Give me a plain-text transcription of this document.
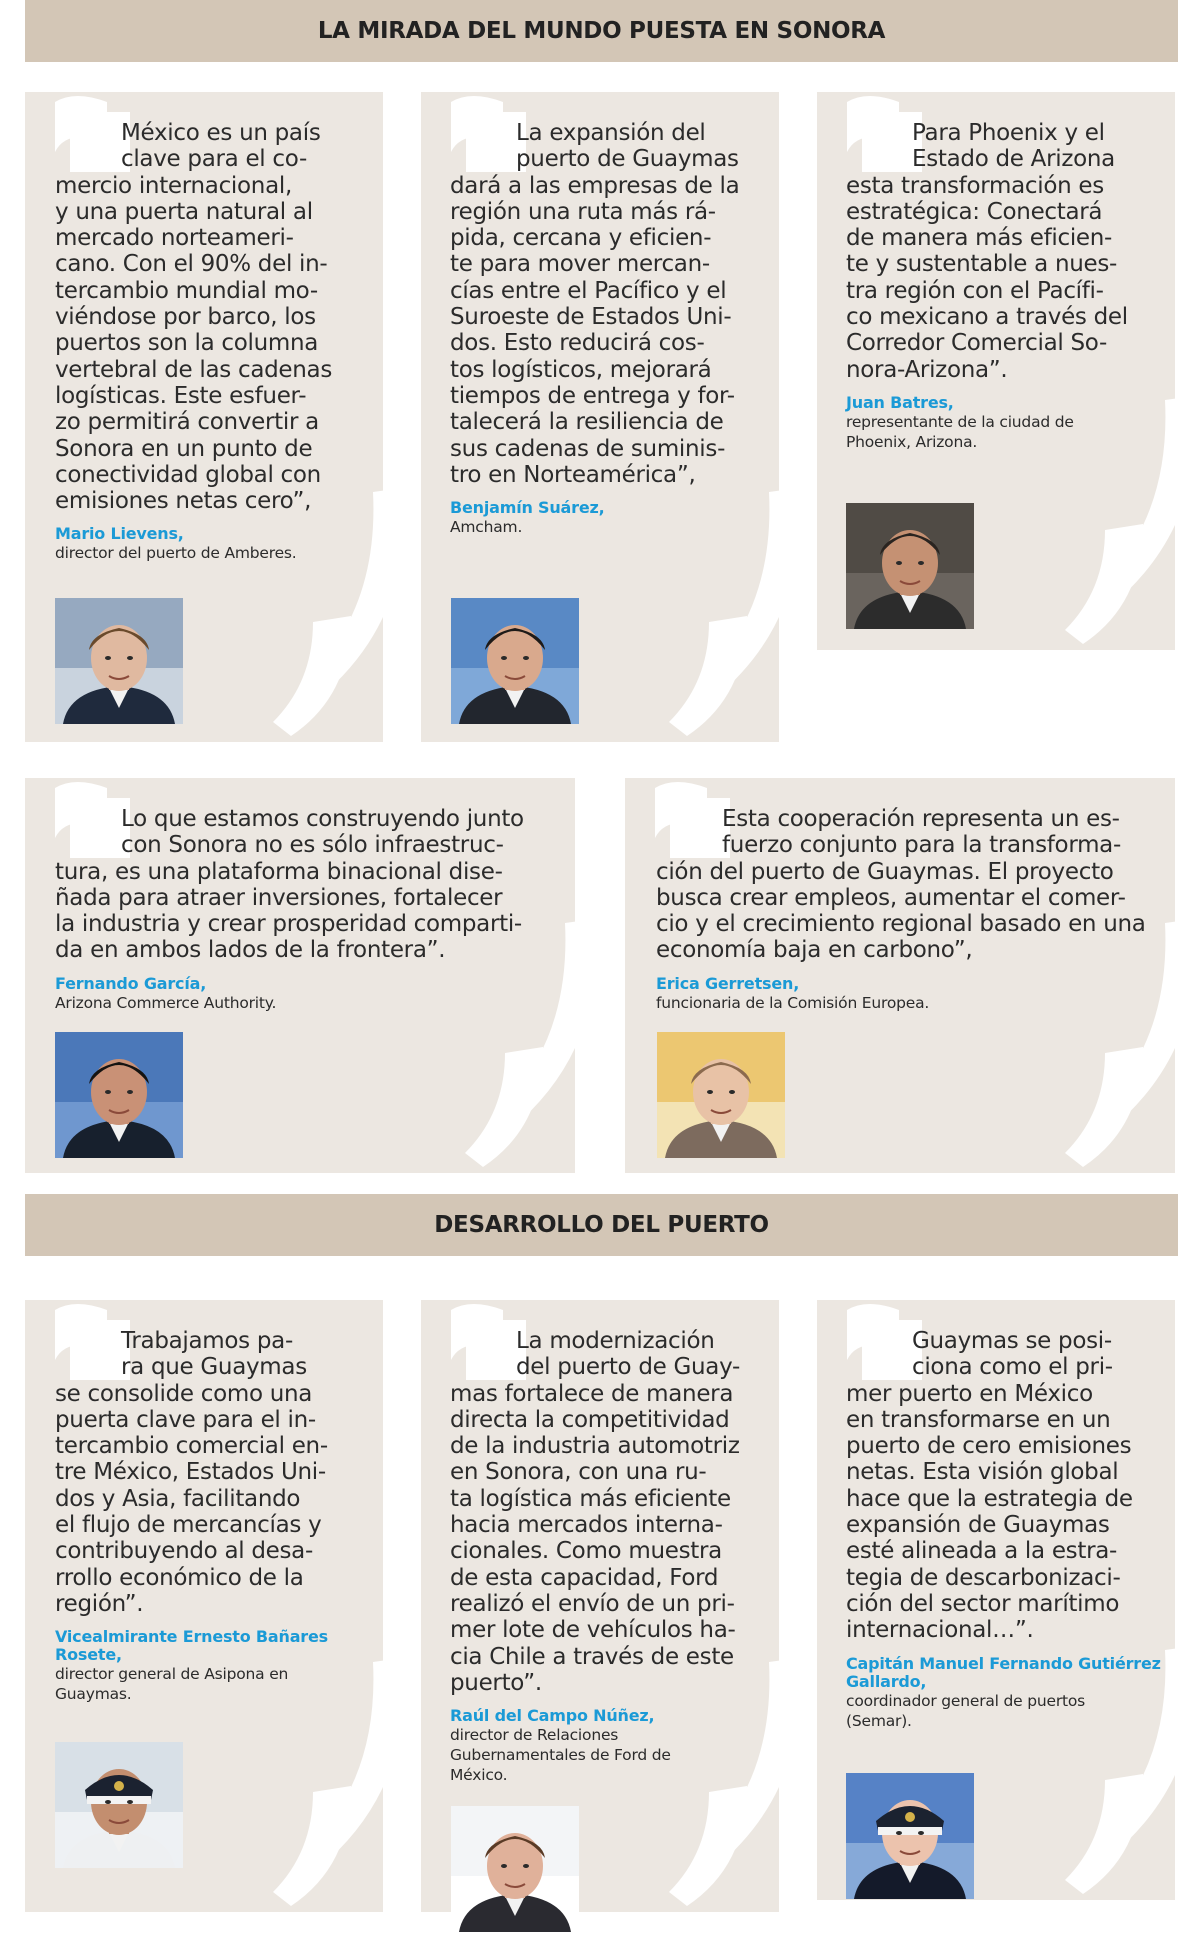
LA MIRADA DEL MUNDO PUESTA EN SONORA
DESARROLLO DEL PUERTO

México es un país
clave para el co-
mercio internacional,
y una puerta natural al
mercado norteameri-
cano. Con el 90% del in-
tercambio mundial mo-
viéndose por barco, los
puertos son la columna
vertebral de las cadenas
logísticas. Este esfuer-
zo permitirá convertir a
Sonora en un punto de
conectividad global con
emisiones netas cero”,

Mario Lievens,
director del puerto de Amberes.

La expansión del
puerto de Guaymas
dará a las empresas de la
región una ruta más rá-
pida, cercana y eficien-
te para mover mercan-
cías entre el Pacífico y el
Suroeste de Estados Uni-
dos. Esto reducirá cos-
tos logísticos, mejorará
tiempos de entrega y for-
talecerá la resiliencia de
sus cadenas de suminis-
tro en Norteamérica”,

Benjamín Suárez,
Amcham.

Para Phoenix y el
Estado de Arizona
esta transformación es
estratégica: Conectará
de manera más eficien-
te y sustentable a nues-
tra región con el Pacífi-
co mexicano a través del
Corredor Comercial So-
nora-Arizona”.

Juan Batres,
representante de la ciudad de
Phoenix, Arizona.

Lo que estamos construyendo junto
con Sonora no es sólo infraestruc-
tura, es una plataforma binacional dise-
ñada para atraer inversiones, fortalecer
la industria y crear prosperidad comparti-
da en ambos lados de la frontera”.

Fernando García,
Arizona Commerce Authority.

Esta cooperación representa un es-
fuerzo conjunto para la transforma-
ción del puerto de Guaymas. El proyecto
busca crear empleos, aumentar el comer-
cio y el crecimiento regional basado en una
economía baja en carbono”,

Erica Gerretsen,
funcionaria de la Comisión Europea.

Trabajamos pa-
ra que Guaymas
se consolide como una
puerta clave para el in-
tercambio comercial en-
tre México, Estados Uni-
dos y Asia, facilitando
el flujo de mercancías y
contribuyendo al desa-
rrollo económico de la
región”.

Vicealmirante Ernesto Bañares Rosete,
director general de Asipona en
Guaymas.

La modernización
del puerto de Guay-
mas fortalece de manera
directa la competitividad
de la industria automotriz
en Sonora, con una ru-
ta logística más eficiente
hacia mercados interna-
cionales. Como muestra
de esta capacidad, Ford
realizó el envío de un pri-
mer lote de vehículos ha-
cia Chile a través de este
puerto”.

Raúl del Campo Núñez,
director de Relaciones
Gubernamentales de Ford de
México.

Guaymas se posi-
ciona como el pri-
mer puerto en México
en transformarse en un
puerto de cero emisiones
netas. Esta visión global
hace que la estrategia de
expansión de Guaymas
esté alineada a la estra-
tegia de descarbonizaci-
ción del sector marítimo
internacional…”.

Capitán Manuel Fernando Gutiérrez Gallardo,
coordinador general de puertos
(Semar).
